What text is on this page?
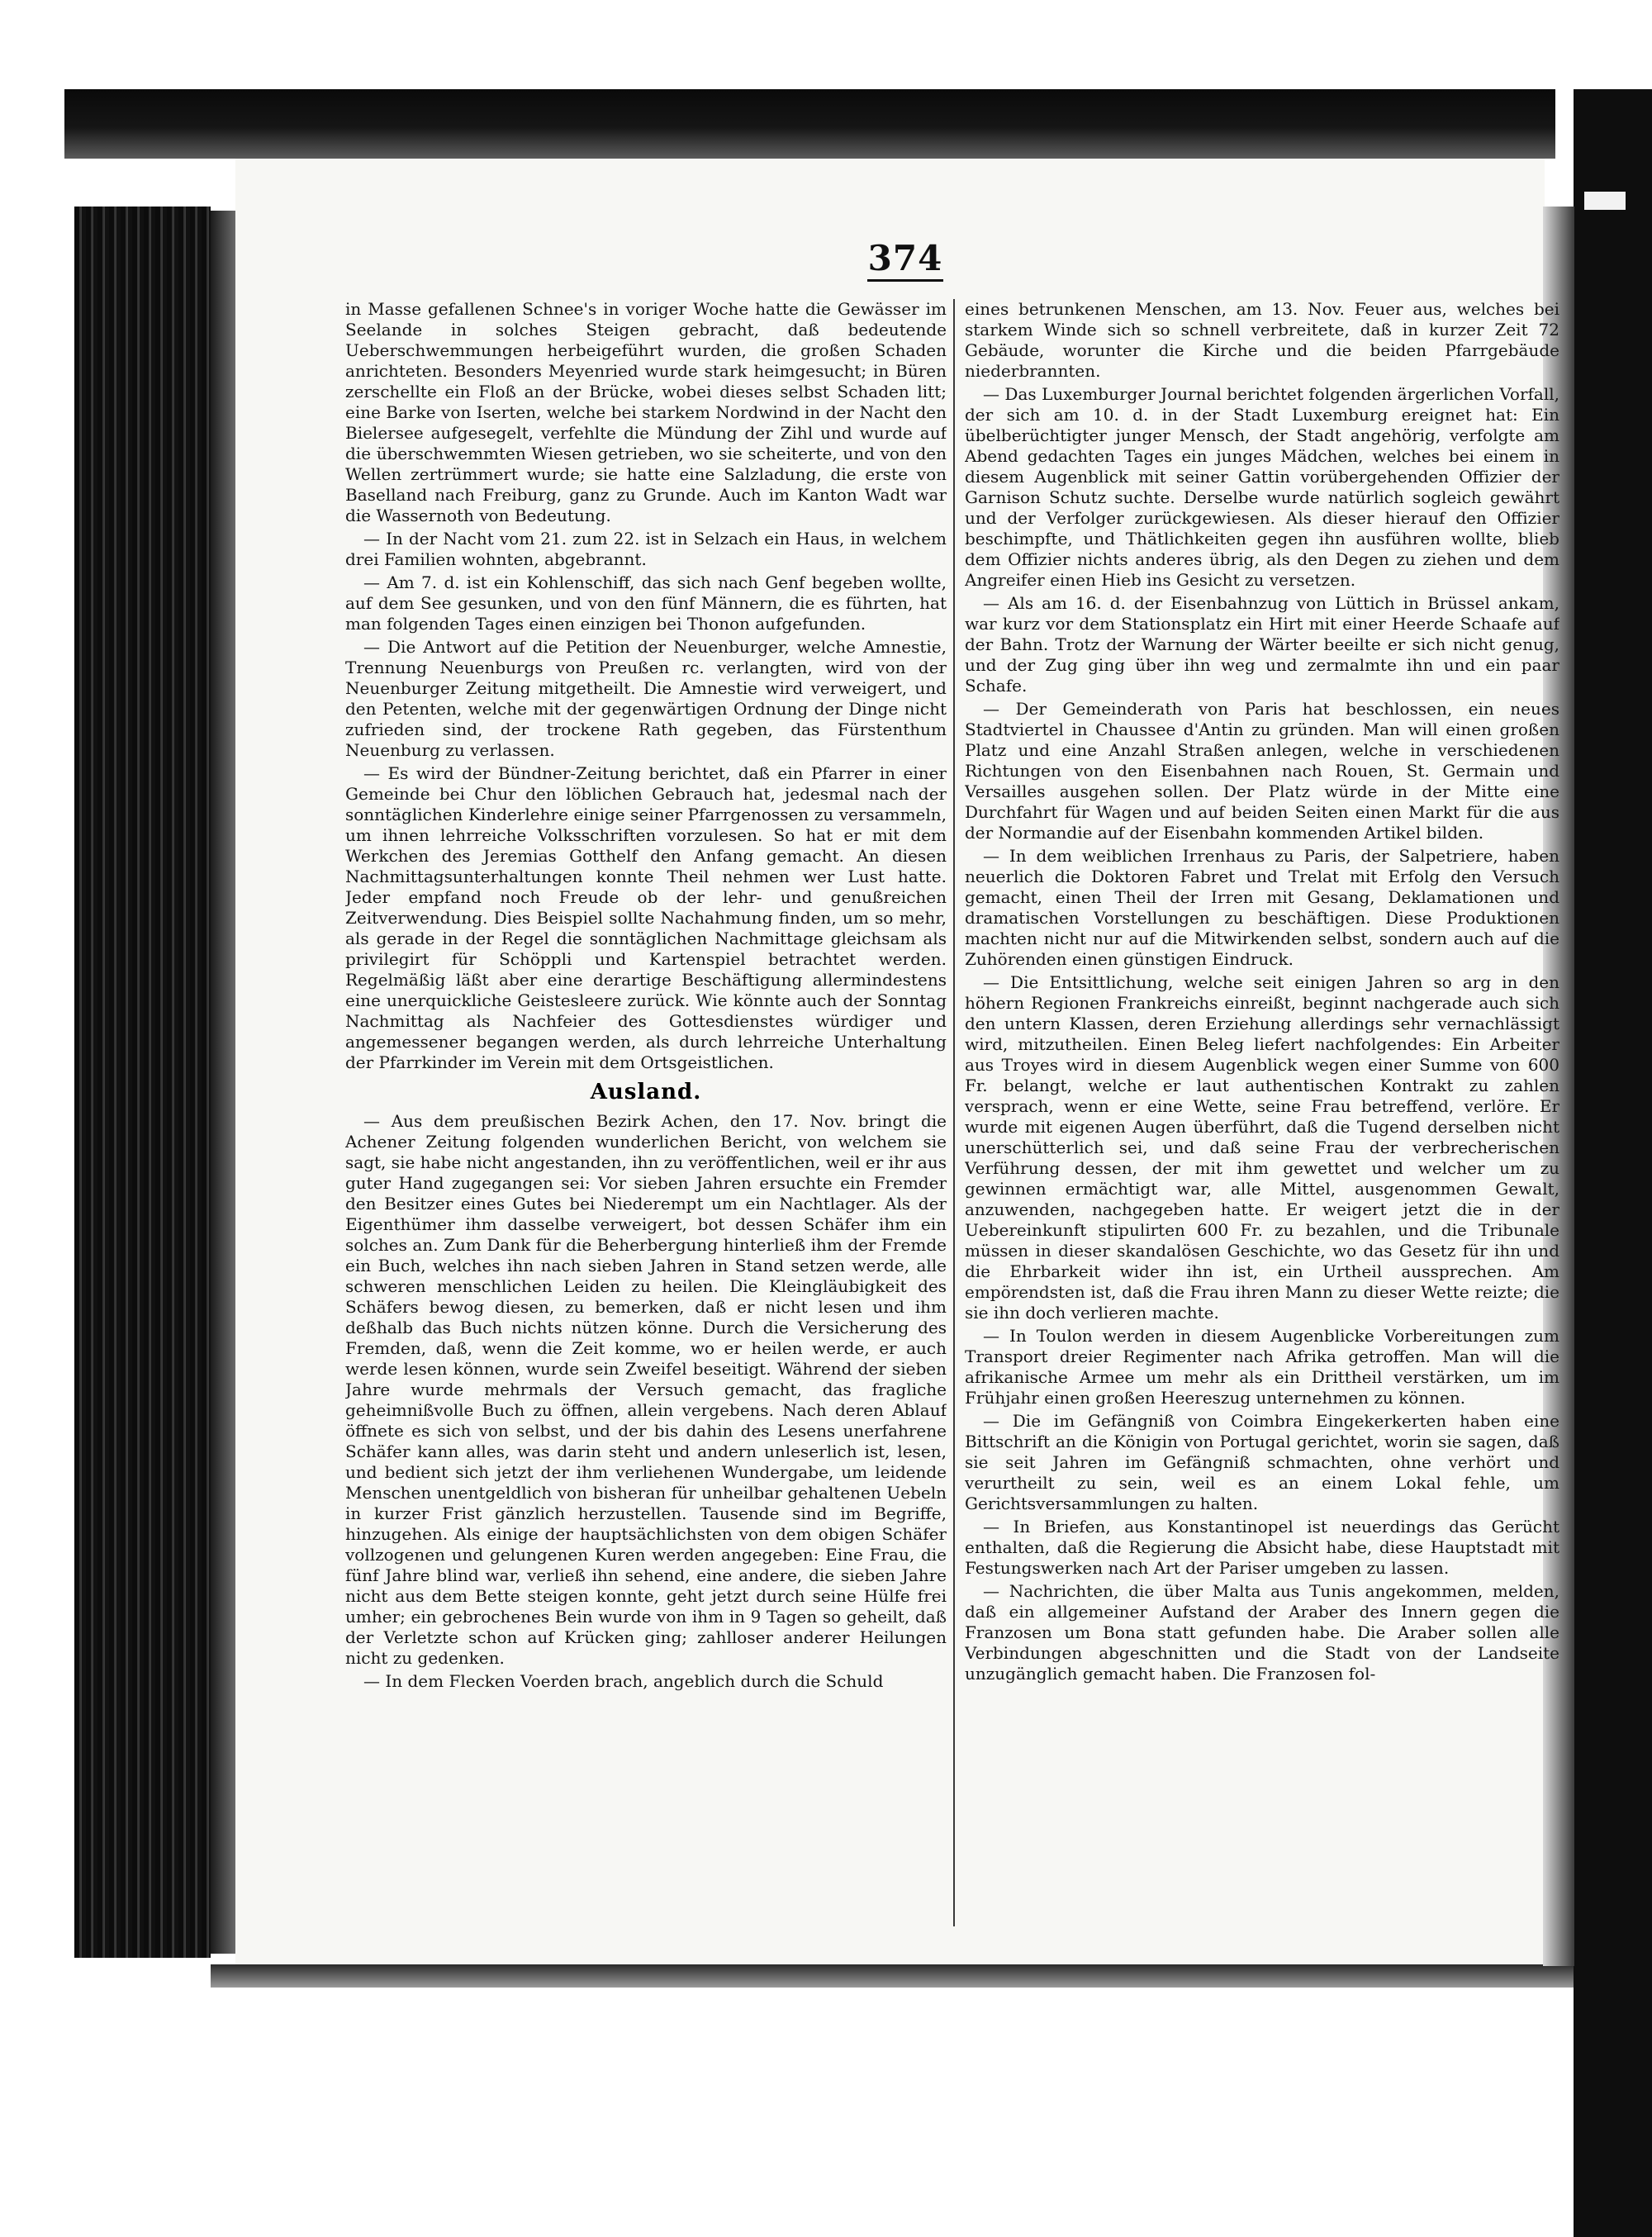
374

in Masse gefallenen Schnee's in voriger Woche hatte die Gewässer im Seelande in solches Steigen gebracht, daß bedeutende Ueberschwemmungen herbeigeführt wurden, die großen Schaden anrichteten. Besonders Meyenried wurde stark heimgesucht; in Büren zerschellte ein Floß an der Brücke, wobei dieses selbst Schaden litt; eine Barke von Iserten, welche bei starkem Nordwind in der Nacht den Bielersee aufgesegelt, verfehlte die Mündung der Zihl und wurde auf die überschwemmten Wiesen getrieben, wo sie scheiterte, und von den Wellen zertrümmert wurde; sie hatte eine Salzladung, die erste von Baselland nach Freiburg, ganz zu Grunde. Auch im Kanton Wadt war die Wassernoth von Bedeutung.

— In der Nacht vom 21. zum 22. ist in Selzach ein Haus, in welchem drei Familien wohnten, abgebrannt.

— Am 7. d. ist ein Kohlenschiff, das sich nach Genf begeben wollte, auf dem See gesunken, und von den fünf Männern, die es führten, hat man folgenden Tages einen einzigen bei Thonon aufgefunden.

— Die Antwort auf die Petition der Neuenburger, welche Amnestie, Trennung Neuenburgs von Preußen rc. verlangten, wird von der Neuenburger Zeitung mitgetheilt. Die Amnestie wird verweigert, und den Petenten, welche mit der gegenwärtigen Ordnung der Dinge nicht zufrieden sind, der trockene Rath gegeben, das Fürstenthum Neuenburg zu verlassen.

— Es wird der Bündner-Zeitung berichtet, daß ein Pfarrer in einer Gemeinde bei Chur den löblichen Gebrauch hat, jedesmal nach der sonntäglichen Kinderlehre einige seiner Pfarrgenossen zu versammeln, um ihnen lehrreiche Volksschriften vorzulesen. So hat er mit dem Werkchen des Jeremias Gotthelf den Anfang gemacht. An diesen Nachmittagsunterhaltungen konnte Theil nehmen wer Lust hatte. Jeder empfand noch Freude ob der lehr- und genußreichen Zeitverwendung. Dies Beispiel sollte Nachahmung finden, um so mehr, als gerade in der Regel die sonntäglichen Nachmittage gleichsam als privilegirt für Schöppli und Kartenspiel betrachtet werden. Regelmäßig läßt aber eine derartige Beschäftigung allermindestens eine unerquickliche Geistesleere zurück. Wie könnte auch der Sonntag Nachmittag als Nachfeier des Gottesdienstes würdiger und angemessener begangen werden, als durch lehrreiche Unterhaltung der Pfarrkinder im Verein mit dem Ortsgeistlichen.

Ausland.

— Aus dem preußischen Bezirk Achen, den 17. Nov. bringt die Achener Zeitung folgenden wunderlichen Bericht, von welchem sie sagt, sie habe nicht angestanden, ihn zu veröffentlichen, weil er ihr aus guter Hand zugegangen sei: Vor sieben Jahren ersuchte ein Fremder den Besitzer eines Gutes bei Niederempt um ein Nachtlager. Als der Eigenthümer ihm dasselbe verweigert, bot dessen Schäfer ihm ein solches an. Zum Dank für die Beherbergung hinterließ ihm der Fremde ein Buch, welches ihn nach sieben Jahren in Stand setzen werde, alle schweren menschlichen Leiden zu heilen. Die Kleingläubigkeit des Schäfers bewog diesen, zu bemerken, daß er nicht lesen und ihm deßhalb das Buch nichts nützen könne. Durch die Versicherung des Fremden, daß, wenn die Zeit komme, wo er heilen werde, er auch werde lesen können, wurde sein Zweifel beseitigt. Während der sieben Jahre wurde mehrmals der Versuch gemacht, das fragliche geheimnißvolle Buch zu öffnen, allein vergebens. Nach deren Ablauf öffnete es sich von selbst, und der bis dahin des Lesens unerfahrene Schäfer kann alles, was darin steht und andern unleserlich ist, lesen, und bedient sich jetzt der ihm verliehenen Wundergabe, um leidende Menschen unentgeldlich von bisheran für unheilbar gehaltenen Uebeln in kurzer Frist gänzlich herzustellen. Tausende sind im Begriffe, hinzugehen. Als einige der hauptsächlichsten von dem obigen Schäfer vollzogenen und gelungenen Kuren werden angegeben: Eine Frau, die fünf Jahre blind war, verließ ihn sehend, eine andere, die sieben Jahre nicht aus dem Bette steigen konnte, geht jetzt durch seine Hülfe frei umher; ein gebrochenes Bein wurde von ihm in 9 Tagen so geheilt, daß der Verletzte schon auf Krücken ging; zahlloser anderer Heilungen nicht zu gedenken.

— In dem Flecken Voerden brach, angeblich durch die Schuld

eines betrunkenen Menschen, am 13. Nov. Feuer aus, welches bei starkem Winde sich so schnell verbreitete, daß in kurzer Zeit 72 Gebäude, worunter die Kirche und die beiden Pfarrgebäude niederbrannten.

— Das Luxemburger Journal berichtet folgenden ärgerlichen Vorfall, der sich am 10. d. in der Stadt Luxemburg ereignet hat: Ein übelberüchtigter junger Mensch, der Stadt angehörig, verfolgte am Abend gedachten Tages ein junges Mädchen, welches bei einem in diesem Augenblick mit seiner Gattin vorübergehenden Offizier der Garnison Schutz suchte. Derselbe wurde natürlich sogleich gewährt und der Verfolger zurückgewiesen. Als dieser hierauf den Offizier beschimpfte, und Thätlichkeiten gegen ihn ausführen wollte, blieb dem Offizier nichts anderes übrig, als den Degen zu ziehen und dem Angreifer einen Hieb ins Gesicht zu versetzen.

— Als am 16. d. der Eisenbahnzug von Lüttich in Brüssel ankam, war kurz vor dem Stationsplatz ein Hirt mit einer Heerde Schaafe auf der Bahn. Trotz der Warnung der Wärter beeilte er sich nicht genug, und der Zug ging über ihn weg und zermalmte ihn und ein paar Schafe.

— Der Gemeinderath von Paris hat beschlossen, ein neues Stadtviertel in Chaussee d'Antin zu gründen. Man will einen großen Platz und eine Anzahl Straßen anlegen, welche in verschiedenen Richtungen von den Eisenbahnen nach Rouen, St. Germain und Versailles ausgehen sollen. Der Platz würde in der Mitte eine Durchfahrt für Wagen und auf beiden Seiten einen Markt für die aus der Normandie auf der Eisenbahn kommenden Artikel bilden.

— In dem weiblichen Irrenhaus zu Paris, der Salpetriere, haben neuerlich die Doktoren Fabret und Trelat mit Erfolg den Versuch gemacht, einen Theil der Irren mit Gesang, Deklamationen und dramatischen Vorstellungen zu beschäftigen. Diese Produktionen machten nicht nur auf die Mitwirkenden selbst, sondern auch auf die Zuhörenden einen günstigen Eindruck.

— Die Entsittlichung, welche seit einigen Jahren so arg in den höhern Regionen Frankreichs einreißt, beginnt nachgerade auch sich den untern Klassen, deren Erziehung allerdings sehr vernachlässigt wird, mitzutheilen. Einen Beleg liefert nachfolgendes: Ein Arbeiter aus Troyes wird in diesem Augenblick wegen einer Summe von 600 Fr. belangt, welche er laut authentischen Kontrakt zu zahlen versprach, wenn er eine Wette, seine Frau betreffend, verlöre. Er wurde mit eigenen Augen überführt, daß die Tugend derselben nicht unerschütterlich sei, und daß seine Frau der verbrecherischen Verführung dessen, der mit ihm gewettet und welcher um zu gewinnen ermächtigt war, alle Mittel, ausgenommen Gewalt, anzuwenden, nachgegeben hatte. Er weigert jetzt die in der Uebereinkunft stipulirten 600 Fr. zu bezahlen, und die Tribunale müssen in dieser skandalösen Geschichte, wo das Gesetz für ihn und die Ehrbarkeit wider ihn ist, ein Urtheil aussprechen. Am empörendsten ist, daß die Frau ihren Mann zu dieser Wette reizte; die sie ihn doch verlieren machte.

— In Toulon werden in diesem Augenblicke Vorbereitungen zum Transport dreier Regimenter nach Afrika getroffen. Man will die afrikanische Armee um mehr als ein Drittheil verstärken, um im Frühjahr einen großen Heereszug unternehmen zu können.

— Die im Gefängniß von Coimbra Eingekerkerten haben eine Bittschrift an die Königin von Portugal gerichtet, worin sie sagen, daß sie seit Jahren im Gefängniß schmachten, ohne verhört und verurtheilt zu sein, weil es an einem Lokal fehle, um Gerichtsversammlungen zu halten.

— In Briefen, aus Konstantinopel ist neuerdings das Gerücht enthalten, daß die Regierung die Absicht habe, diese Hauptstadt mit Festungswerken nach Art der Pariser umgeben zu lassen.

— Nachrichten, die über Malta aus Tunis angekommen, melden, daß ein allgemeiner Aufstand der Araber des Innern gegen die Franzosen um Bona statt gefunden habe. Die Araber sollen alle Verbindungen abgeschnitten und die Stadt von der Landseite unzugänglich gemacht haben. Die Franzosen fol-
